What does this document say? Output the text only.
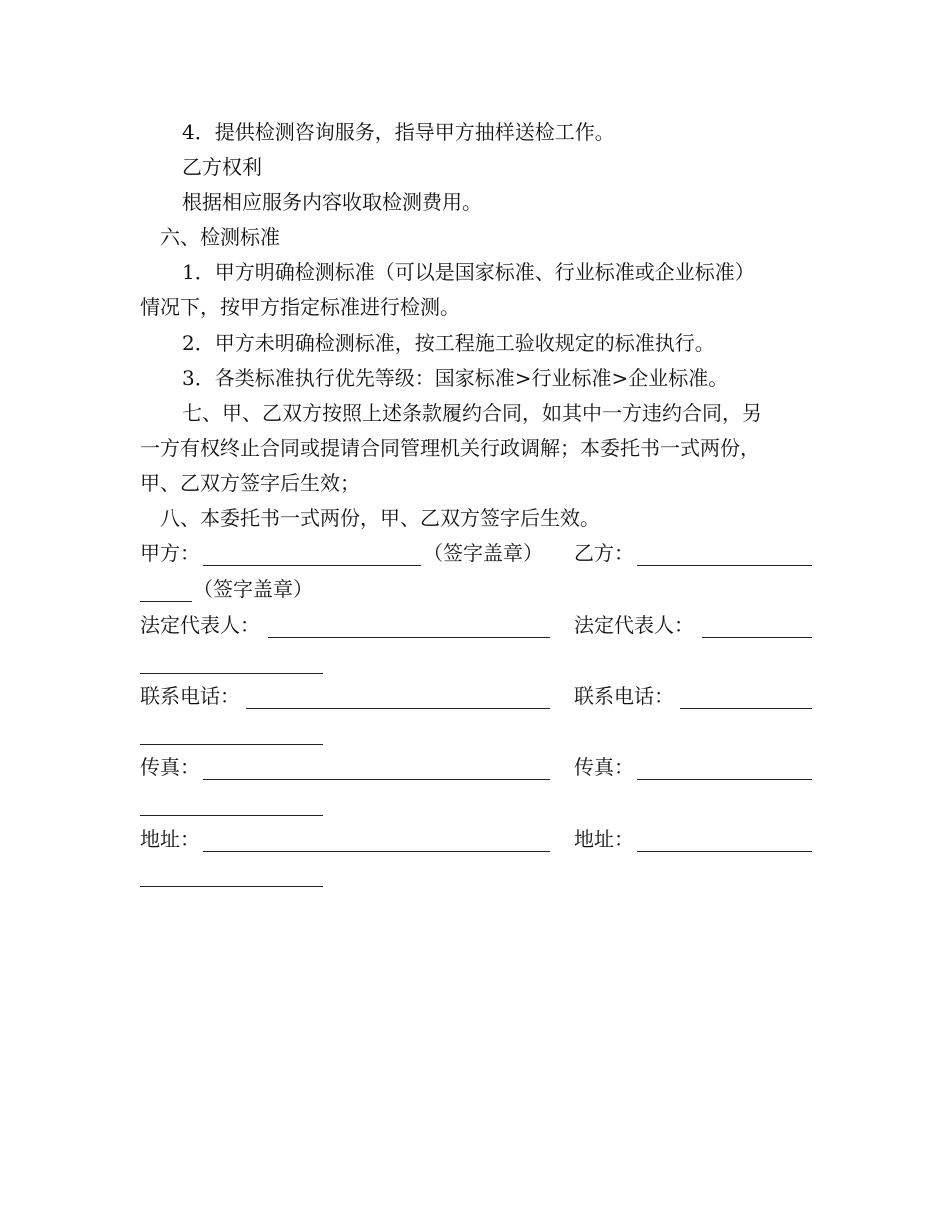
4．提供检测咨询服务，指导甲方抽样送检工作。
乙方权利
根据相应服务内容收取检测费用。
六、检测标准
1．甲方明确检测标准（可以是国家标准、行业标准或企业标准）
情况下，按甲方指定标准进行检测。
2．甲方未明确检测标准，按工程施工验收规定的标准执行。
3．各类标准执行优先等级：国家标准>行业标准>企业标准。
七、甲、乙双方按照上述条款履约合同，如其中一方违约合同，另
一方有权终止合同或提请合同管理机关行政调解；本委托书一式两份，
甲、乙双方签字后生效；
八、本委托书一式两份，甲、乙双方签字后生效。
甲方：	（签字盖章） 乙方：
（签字盖章）
法定代表人：	法定代表人：
联系电话：	联系电话：
传真：	传真：
地址：	地址：
